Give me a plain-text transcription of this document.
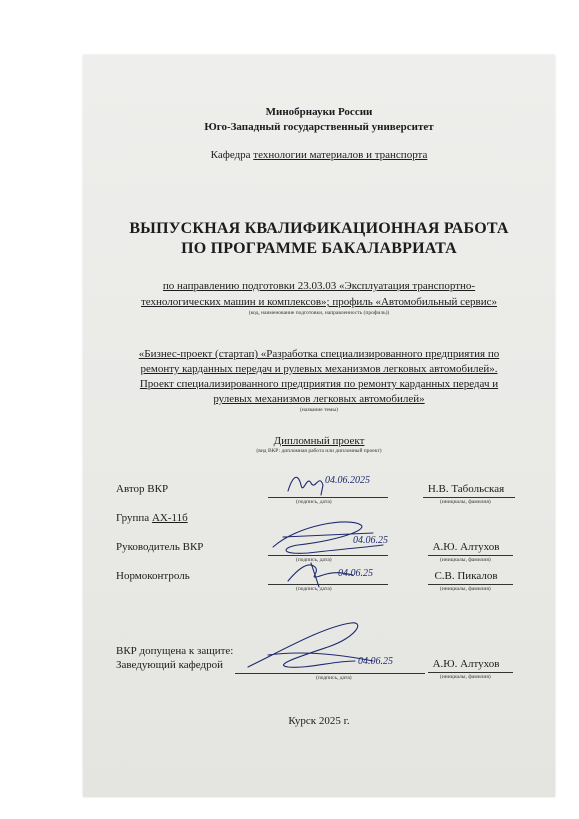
Минобрнауки России
Юго-Западный государственный университет
Кафедра технологии материалов и транспорта
ВЫПУСКНАЯ КВАЛИФИКАЦИОННАЯ РАБОТА
ПО ПРОГРАММЕ БАКАЛАВРИАТА
по направлению подготовки 23.03.03 «Эксплуатация транспортно-
технологических машин и комплексов»; профиль «Автомобильный сервис»
(код, наименование подготовки, направленность (профиль))
«Бизнес-проект (стартап) «Разработка специализированного предприятия по
ремонту карданных передач и рулевых механизмов легковых автомобилей».
Проект специализированного предприятия по ремонту карданных передач и
рулевых механизмов легковых автомобилей»
(название темы)
Дипломный проект
(вид ВКР: дипломная работа или дипломный проект)
Автор ВКР
04.06.2025
(подпись, дата)
Н.В. Табольская
(инициалы, фамилия)
Группа АХ-11б
Руководитель ВКР
04.06.25
(подпись, дата)
А.Ю. Алтухов
(инициалы, фамилия)
Нормоконтроль	04.06.25
(подпись, дата)
С.В. Пикалов
(инициалы, фамилия)
ВКР допущена к защите:
Заведующий кафедрой	04.06.25
(подпись, дата)
А.Ю. Алтухов
(инициалы, фамилия)
Курск 2025 г.
